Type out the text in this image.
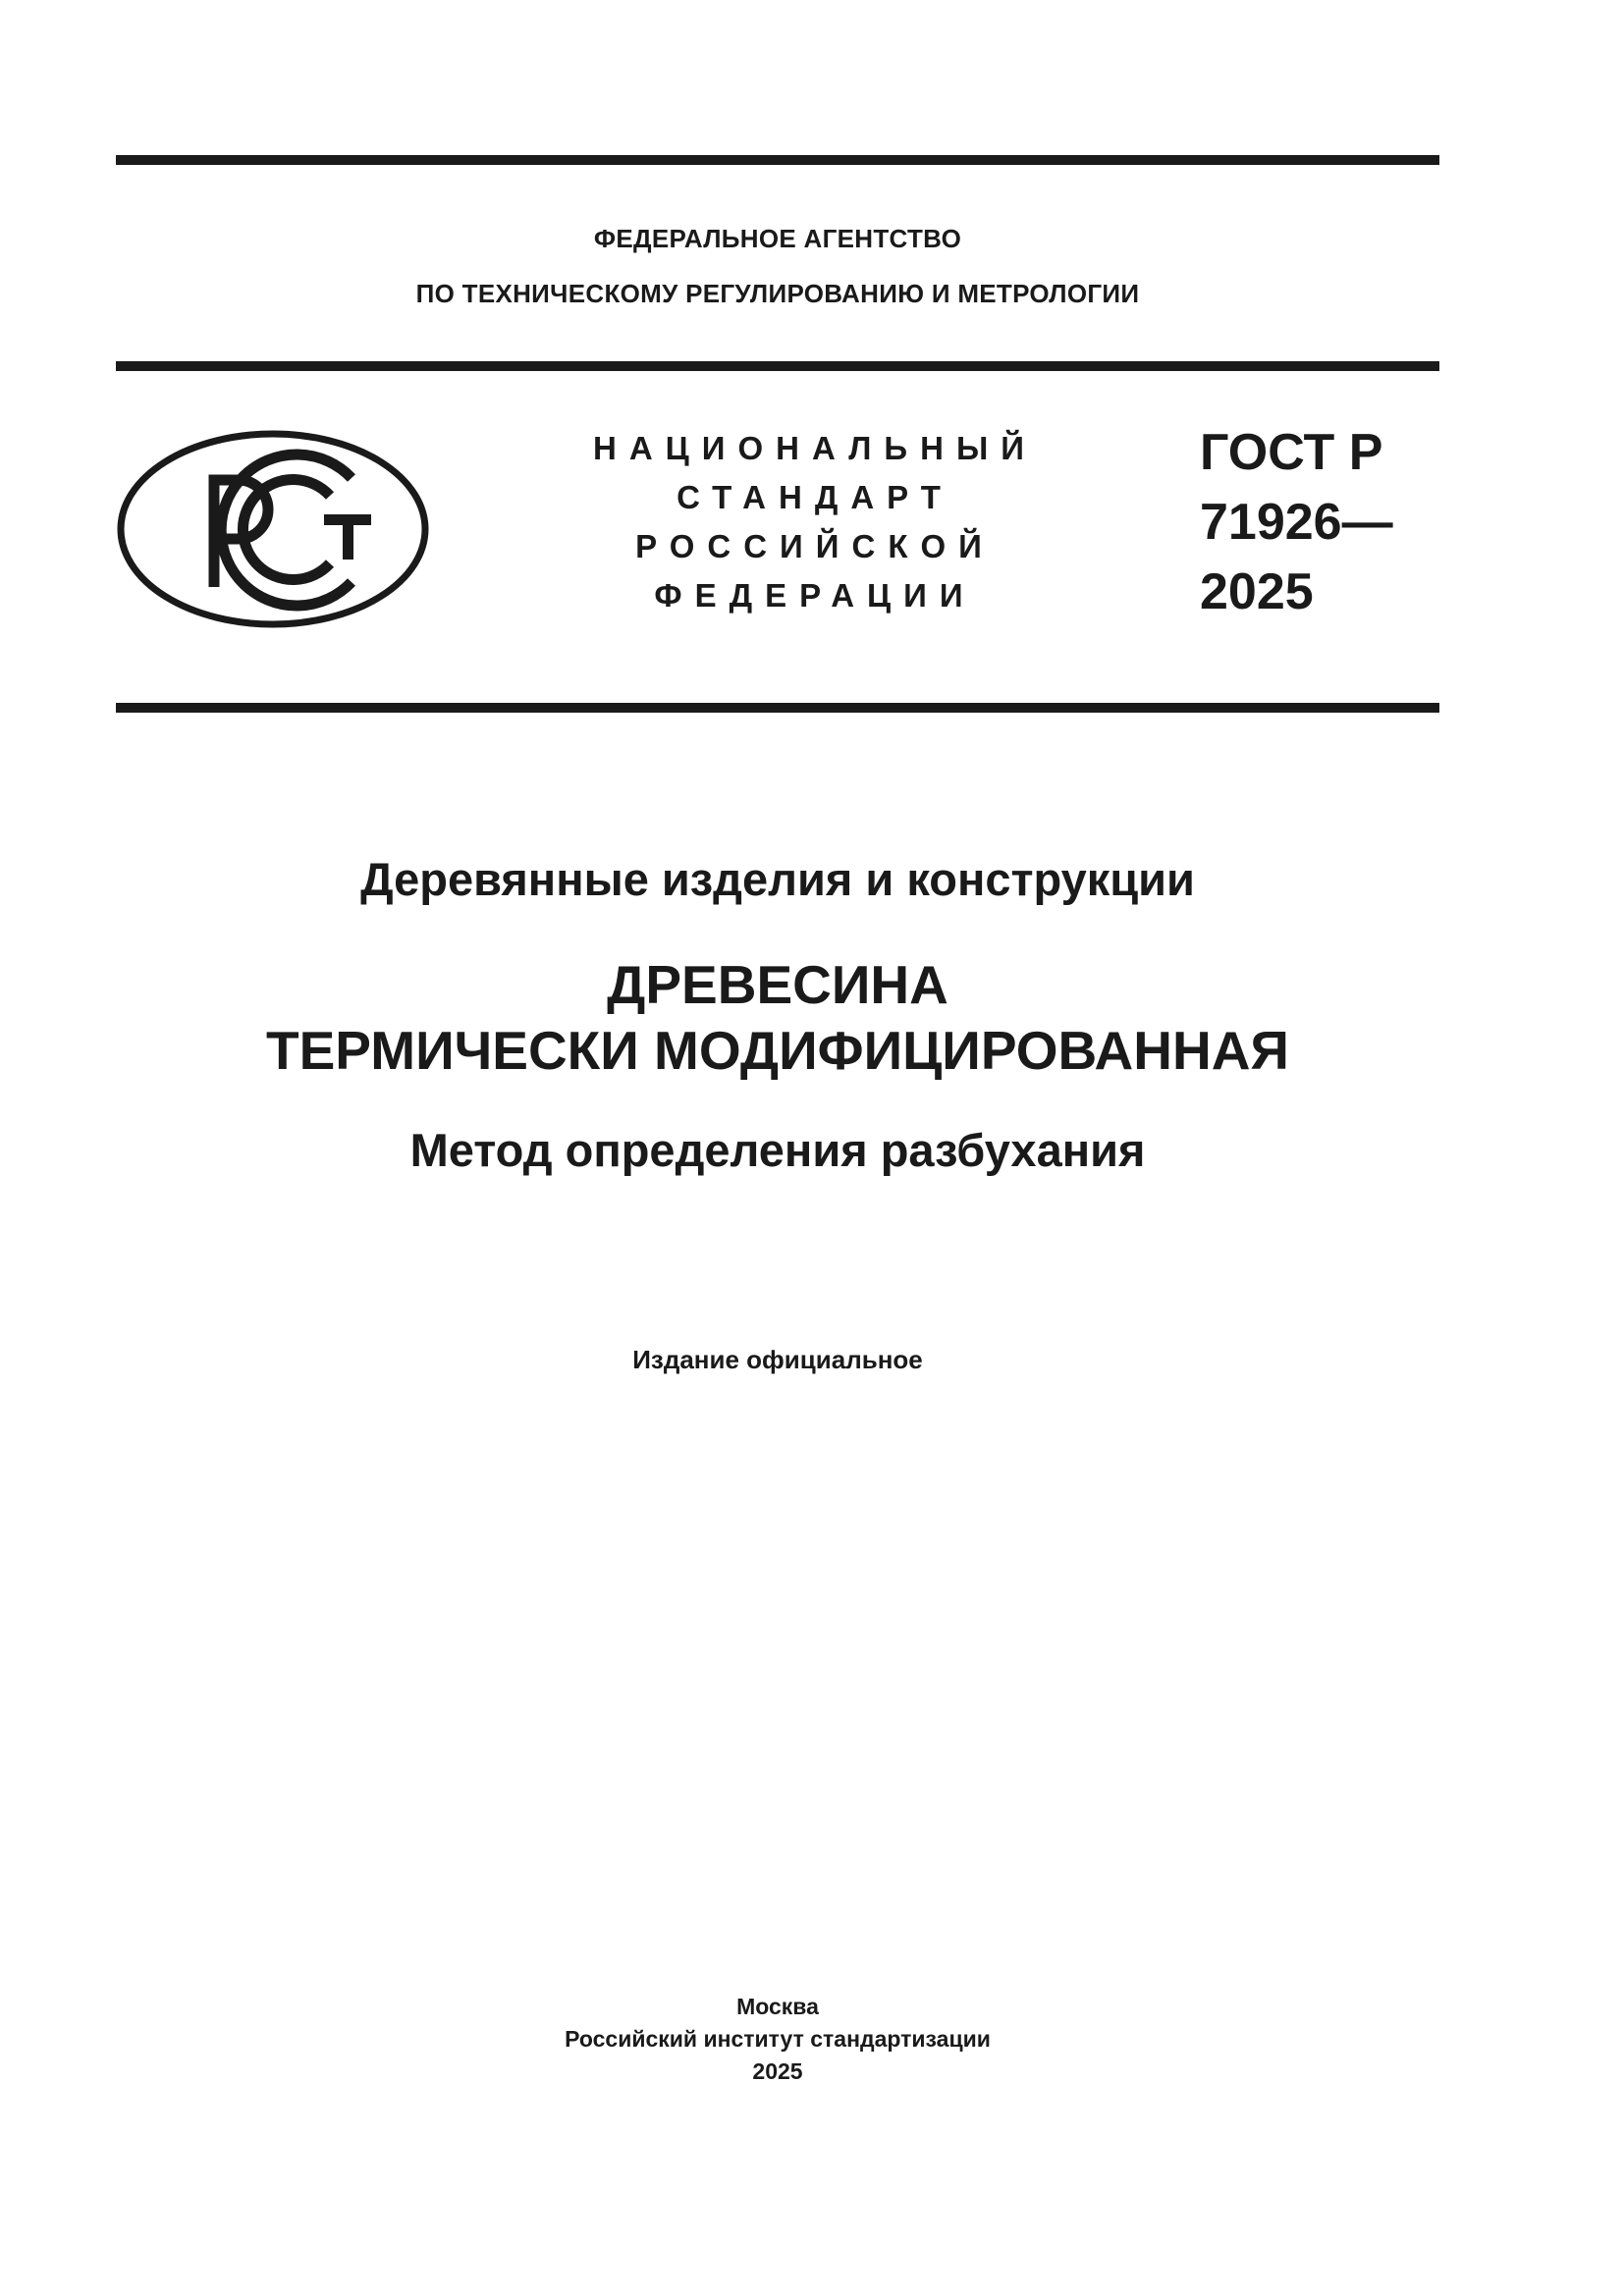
ФЕДЕРАЛЬНОЕ АГЕНТСТВО
ПО ТЕХНИЧЕСКОМУ РЕГУЛИРОВАНИЮ И МЕТРОЛОГИИ
НАЦИОНАЛЬНЫЙ
СТАНДАРТ
РОССИЙСКОЙ
ФЕДЕРАЦИИ
ГОСТ Р
71926—
2025
Деревянные изделия и конструкции
ДРЕВЕСИНА
ТЕРМИЧЕСКИ МОДИФИЦИРОВАННАЯ
Метод определения разбухания
Издание официальное
Москва
Российский институт стандартизации
2025
